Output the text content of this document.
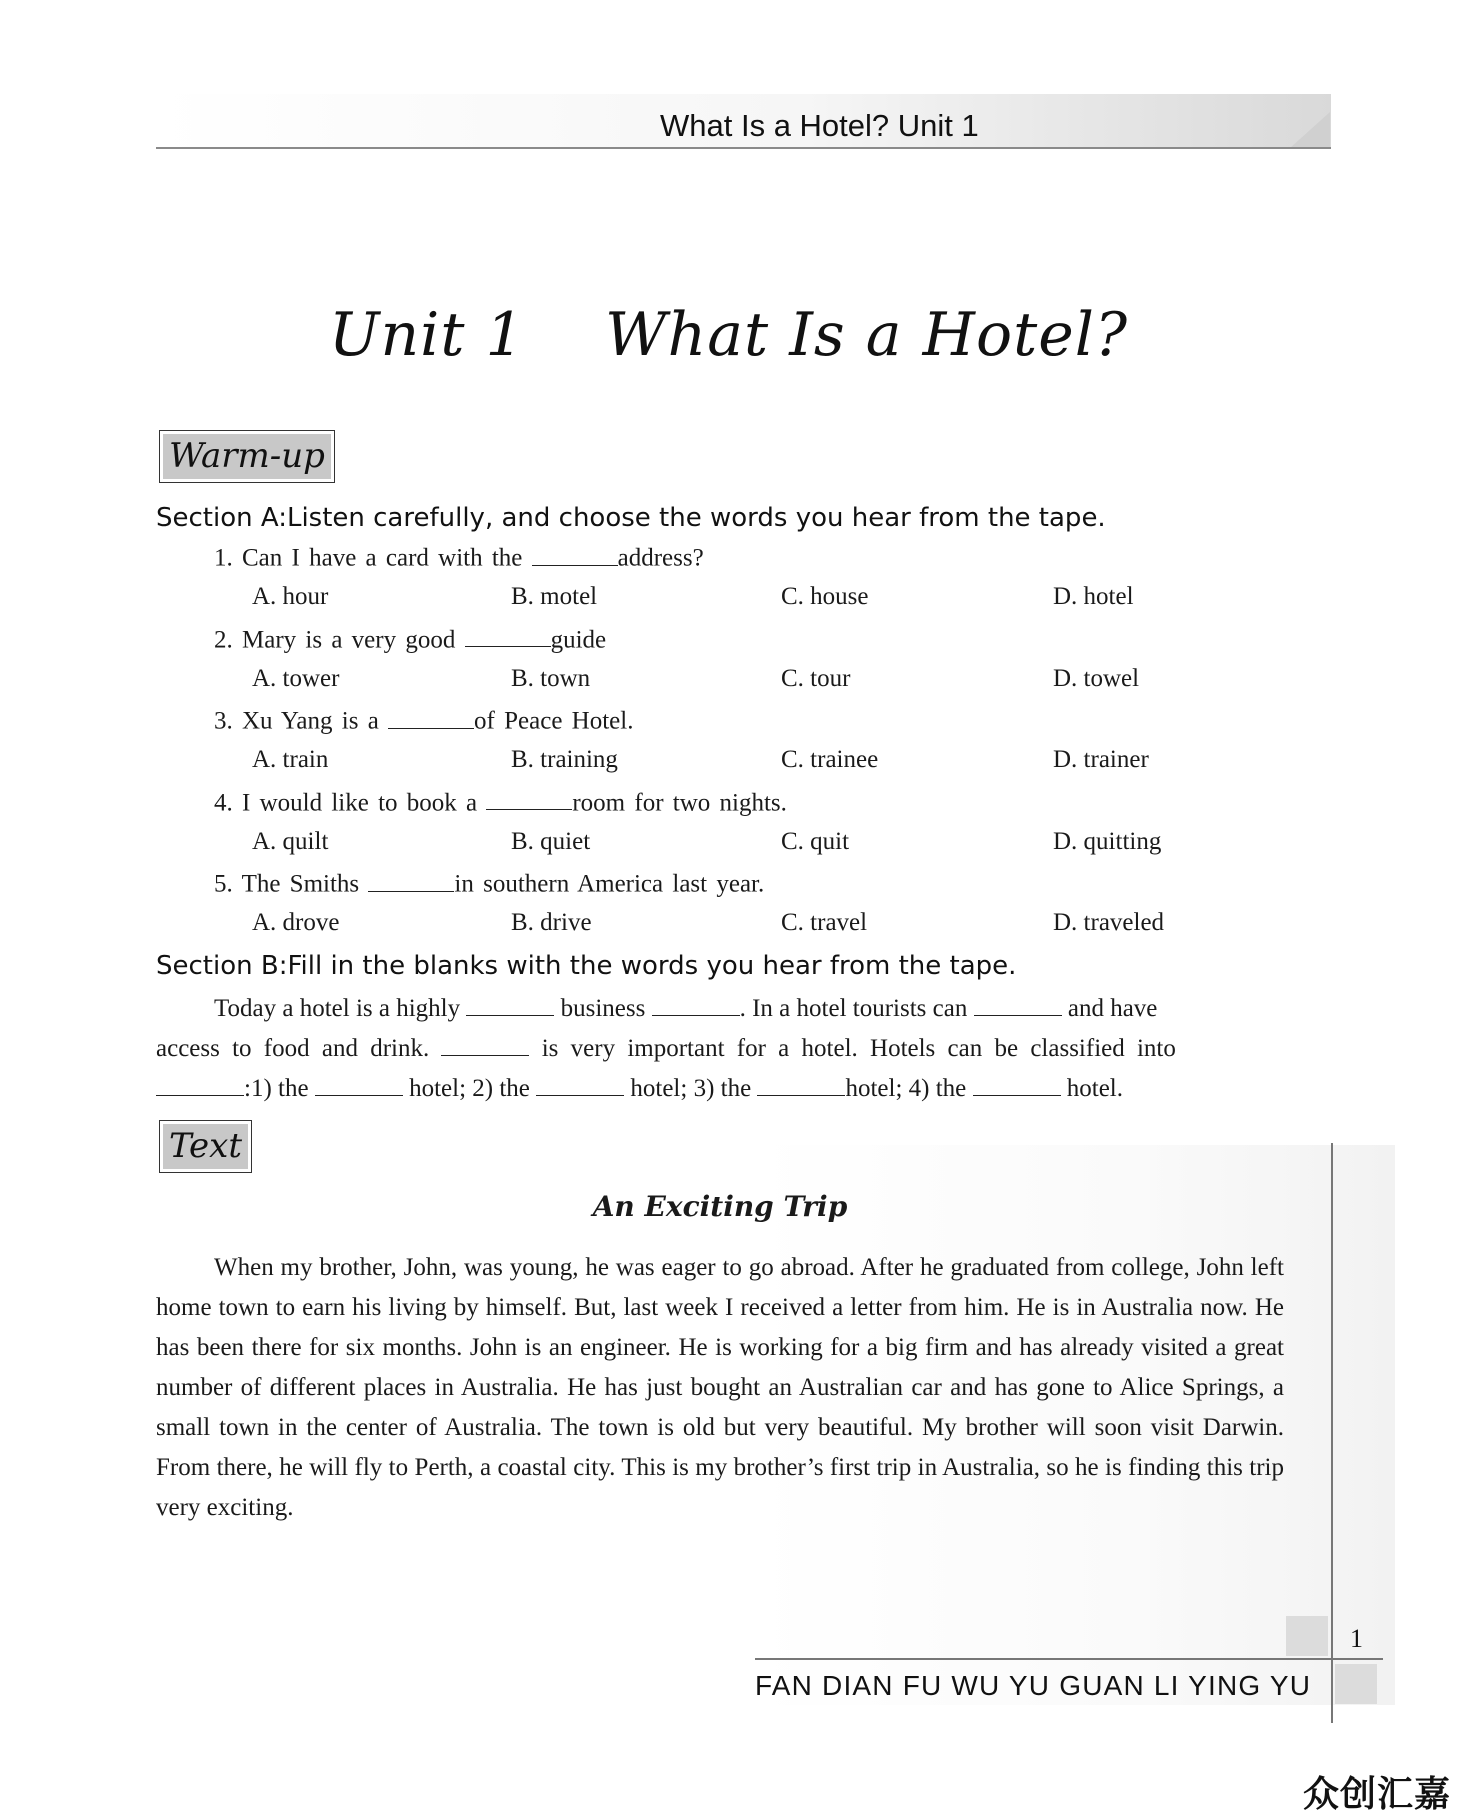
What Is a Hotel? Unit 1
Unit 1    What Is a Hotel?
Warm-up
Section A:Listen carefully, and choose the words you hear from the tape.
1. Can I have a card with the	address?
A. hour	B. motel	C. house	D. hotel
2. Mary is a very good	guide
A. tower	B. town	C. tour	D. towel
3. Xu Yang is a	of Peace Hotel.
A. train	B. training	C. trainee	D. trainer
4. I would like to book a	room for two nights.
A. quilt	B. quiet	C. quit	D. quitting
5. The Smiths	in southern America last year.
A. drove	B. drive	C. travel	D. traveled
Section B:Fill in the blanks with the words you hear from the tape.
Today a hotel is a highly	business	. In a hotel tourists can	and have
access to food and drink.	is very important for a hotel. Hotels can be classified into
:1) the	hotel; 2) the	hotel; 3) the	hotel; 4) the	hotel.
Text
An Exciting Trip
When my brother, John, was young, he was eager to go abroad. After he graduated from college, John left home town to earn his living by himself. But, last week I received a letter from him. He is in Australia now. He has been there for six months. John is an engineer. He is working for a big firm and has already visited a great number of different places in Australia. He has just bought an Australian car and has gone to Alice Springs, a small town in the center of Australia. The town is old but very beautiful. My brother will soon visit Darwin. From there, he will fly to Perth, a coastal city. This is my brother’s first trip in Australia, so he is finding this trip very exciting.
1
FAN DIAN FU WU YU GUAN LI YING YU
众创汇嘉
